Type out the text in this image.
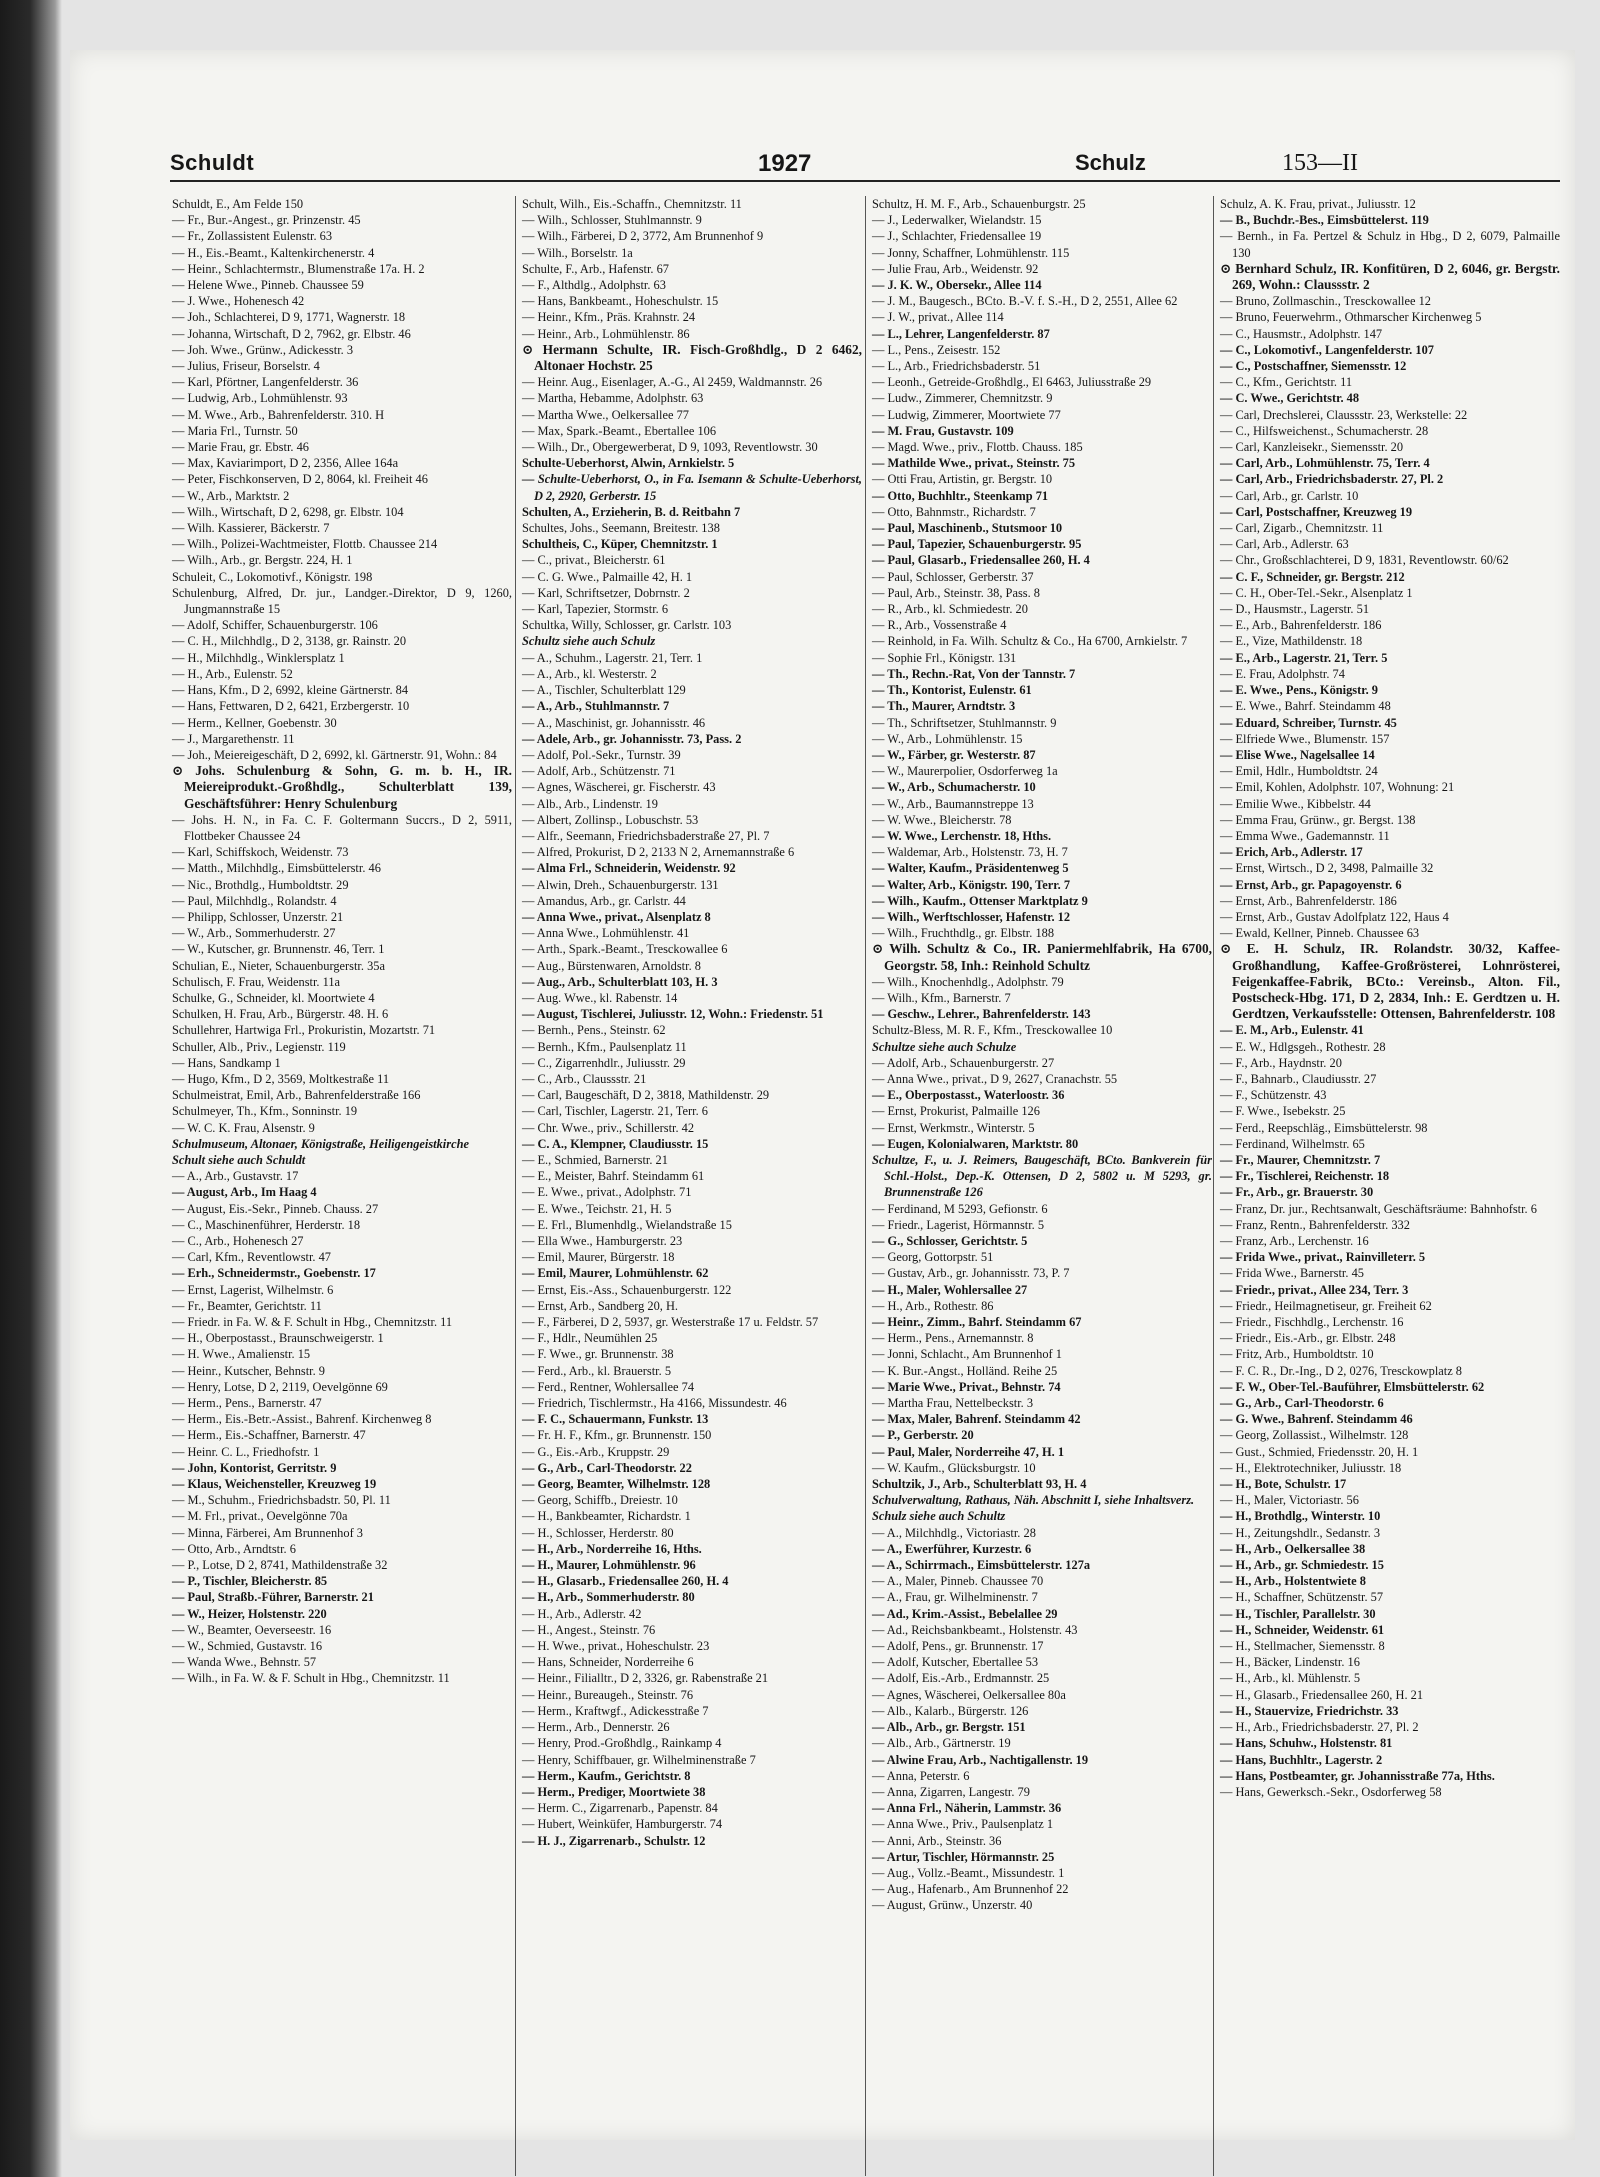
Schuldt	1927	Schulz	153—II

Schuldt, E., Am Felde 150

— Fr., Bur.-Angest., gr. Prinzenstr. 45

— Fr., Zollassistent Eulenstr. 63

— H., Eis.-Beamt., Kaltenkirchenerstr. 4

— Heinr., Schlachtermstr., Blumenstraße 17a. H. 2

— Helene Wwe., Pinneb. Chaussee 59

— J. Wwe., Hohenesch 42

— Joh., Schlachterei, D 9, 1771, Wagnerstr. 18

— Johanna, Wirtschaft, D 2, 7962, gr. Elbstr. 46

— Joh. Wwe., Grünw., Adickesstr. 3

— Julius, Friseur, Borselstr. 4

— Karl, Pförtner, Langenfelderstr. 36

— Ludwig, Arb., Lohmühlenstr. 93

— M. Wwe., Arb., Bahrenfelderstr. 310. H

— Maria Frl., Turnstr. 50

— Marie Frau, gr. Ebstr. 46

— Max, Kaviarimport, D 2, 2356, Allee 164a

— Peter, Fischkonserven, D 2, 8064, kl. Freiheit 46

— W., Arb., Marktstr. 2

— Wilh., Wirtschaft, D 2, 6298, gr. Elbstr. 104

— Wilh. Kassierer, Bäckerstr. 7

— Wilh., Polizei-Wachtmeister, Flottb. Chaussee 214

— Wilh., Arb., gr. Bergstr. 224, H. 1

Schuleit, C., Lokomotivf., Königstr. 198

Schulenburg, Alfred, Dr. jur., Landger.-Direktor, D 9, 1260, Jungmannstraße 15

— Adolf, Schiffer, Schauenburgerstr. 106

— C. H., Milchhdlg., D 2, 3138, gr. Rainstr. 20

— H., Milchhdlg., Winklersplatz 1

— H., Arb., Eulenstr. 52

— Hans, Kfm., D 2, 6992, kleine Gärtnerstr. 84

— Hans, Fettwaren, D 2, 6421, Erzbergerstr. 10

— Herm., Kellner, Goebenstr. 30

— J., Margarethenstr. 11

— Joh., Meiereigeschäft, D 2, 6992, kl. Gärtnerstr. 91, Wohn.: 84

⊙ Johs. Schulenburg & Sohn, G. m. b. H., IR. Meiereiprodukt.-Großhdlg., Schulterblatt 139, Geschäftsführer: Henry Schulenburg

— Johs. H. N., in Fa. C. F. Goltermann Succrs., D 2, 5911, Flottbeker Chaussee 24

— Karl, Schiffskoch, Weidenstr. 73

— Matth., Milchhdlg., Eimsbüttelerstr. 46

— Nic., Brothdlg., Humboldtstr. 29

— Paul, Milchhdlg., Rolandstr. 4

— Philipp, Schlosser, Unzerstr. 21

— W., Arb., Sommerhuderstr. 27

— W., Kutscher, gr. Brunnenstr. 46, Terr. 1

Schulian, E., Nieter, Schauenburgerstr. 35a

Schulisch, F. Frau, Weidenstr. 11a

Schulke, G., Schneider, kl. Moortwiete 4

Schulken, H. Frau, Arb., Bürgerstr. 48. H. 6

Schullehrer, Hartwiga Frl., Prokuristin, Mozartstr. 71

Schuller, Alb., Priv., Legienstr. 119

— Hans, Sandkamp 1

— Hugo, Kfm., D 2, 3569, Moltkestraße 11

Schulmeistrat, Emil, Arb., Bahrenfelderstraße 166

Schulmeyer, Th., Kfm., Sonninstr. 19

— W. C. K. Frau, Alsenstr. 9

Schulmuseum, Altonaer, Königstraße, Heiligengeistkirche

Schult siehe auch Schuldt

— A., Arb., Gustavstr. 17

— August, Arb., Im Haag 4

— August, Eis.-Sekr., Pinneb. Chauss. 27

— C., Maschinenführer, Herderstr. 18

— C., Arb., Hohenesch 27

— Carl, Kfm., Reventlowstr. 47

— Erh., Schneidermstr., Goebenstr. 17

— Ernst, Lagerist, Wilhelmstr. 6

— Fr., Beamter, Gerichtstr. 11

— Friedr. in Fa. W. & F. Schult in Hbg., Chemnitzstr. 11

— H., Oberpostasst., Braunschweigerstr. 1

— H. Wwe., Amalienstr. 15

— Heinr., Kutscher, Behnstr. 9

— Henry, Lotse, D 2, 2119, Oevelgönne 69

— Herm., Pens., Barnerstr. 47

— Herm., Eis.-Betr.-Assist., Bahrenf. Kirchenweg 8

— Herm., Eis.-Schaffner, Barnerstr. 47

— Heinr. C. L., Friedhofstr. 1

— John, Kontorist, Gerritstr. 9

— Klaus, Weichensteller, Kreuzweg 19

— M., Schuhm., Friedrichsbadstr. 50, Pl. 11

— M. Frl., privat., Oevelgönne 70a

— Minna, Färberei, Am Brunnenhof 3

— Otto, Arb., Arndtstr. 6

— P., Lotse, D 2, 8741, Mathildenstraße 32

— P., Tischler, Bleicherstr. 85

— Paul, Straßb.-Führer, Barnerstr. 21

— W., Heizer, Holstenstr. 220

— W., Beamter, Oeverseestr. 16

— W., Schmied, Gustavstr. 16

— Wanda Wwe., Behnstr. 57

— Wilh., in Fa. W. & F. Schult in Hbg., Chemnitzstr. 11

Schult, Wilh., Eis.-Schaffn., Chemnitzstr. 11

— Wilh., Schlosser, Stuhlmannstr. 9

— Wilh., Färberei, D 2, 3772, Am Brunnenhof 9

— Wilh., Borselstr. 1a

Schulte, F., Arb., Hafenstr. 67

— F., Althdlg., Adolphstr. 63

— Hans, Bankbeamt., Hoheschulstr. 15

— Heinr., Kfm., Präs. Krahnstr. 24

— Heinr., Arb., Lohmühlenstr. 86

⊙ Hermann Schulte, IR. Fisch-Großhdlg., D 2 6462, Altonaer Hochstr. 25

— Heinr. Aug., Eisenlager, A.-G., Al 2459, Waldmannstr. 26

— Martha, Hebamme, Adolphstr. 63

— Martha Wwe., Oelkersallee 77

— Max, Spark.-Beamt., Ebertallee 106

— Wilh., Dr., Obergewerberat, D 9, 1093, Reventlowstr. 30

Schulte-Ueberhorst, Alwin, Arnkielstr. 5

— Schulte-Ueberhorst, O., in Fa. Isemann & Schulte-Ueberhorst, D 2, 2920, Gerberstr. 15

Schulten, A., Erzieherin, B. d. Reitbahn 7

Schultes, Johs., Seemann, Breitestr. 138

Schultheis, C., Küper, Chemnitzstr. 1

— C., privat., Bleicherstr. 61

— C. G. Wwe., Palmaille 42, H. 1

— Karl, Schriftsetzer, Dobrnstr. 2

— Karl, Tapezier, Stormstr. 6

Schultka, Willy, Schlosser, gr. Carlstr. 103

Schultz siehe auch Schulz

— A., Schuhm., Lagerstr. 21, Terr. 1

— A., Arb., kl. Westerstr. 2

— A., Tischler, Schulterblatt 129

— A., Arb., Stuhlmannstr. 7

— A., Maschinist, gr. Johannisstr. 46

— Adele, Arb., gr. Johannisstr. 73, Pass. 2

— Adolf, Pol.-Sekr., Turnstr. 39

— Adolf, Arb., Schützenstr. 71

— Agnes, Wäscherei, gr. Fischerstr. 43

— Alb., Arb., Lindenstr. 19

— Albert, Zollinsp., Lobuschstr. 53

— Alfr., Seemann, Friedrichsbaderstraße 27, Pl. 7

— Alfred, Prokurist, D 2, 2133 N 2, Arnemannstraße 6

— Alma Frl., Schneiderin, Weidenstr. 92

— Alwin, Dreh., Schauenburgerstr. 131

— Amandus, Arb., gr. Carlstr. 44

— Anna Wwe., privat., Alsenplatz 8

— Anna Wwe., Lohmühlenstr. 41

— Arth., Spark.-Beamt., Tresckowallee 6

— Aug., Bürstenwaren, Arnoldstr. 8

— Aug., Arb., Schulterblatt 103, H. 3

— Aug. Wwe., kl. Rabenstr. 14

— August, Tischlerei, Juliusstr. 12, Wohn.: Friedenstr. 51

— Bernh., Pens., Steinstr. 62

— Bernh., Kfm., Paulsenplatz 11

— C., Zigarrenhdlr., Juliusstr. 29

— C., Arb., Claussstr. 21

— Carl, Baugeschäft, D 2, 3818, Mathildenstr. 29

— Carl, Tischler, Lagerstr. 21, Terr. 6

— Chr. Wwe., priv., Schillerstr. 42

— C. A., Klempner, Claudiusstr. 15

— E., Schmied, Barnerstr. 21

— E., Meister, Bahrf. Steindamm 61

— E. Wwe., privat., Adolphstr. 71

— E. Wwe., Teichstr. 21, H. 5

— E. Frl., Blumenhdlg., Wielandstraße 15

— Ella Wwe., Hamburgerstr. 23

— Emil, Maurer, Bürgerstr. 18

— Emil, Maurer, Lohmühlenstr. 62

— Ernst, Eis.-Ass., Schauenburgerstr. 122

— Ernst, Arb., Sandberg 20, H.

— F., Färberei, D 2, 5937, gr. Westerstraße 17 u. Feldstr. 57

— F., Hdlr., Neumühlen 25

— F. Wwe., gr. Brunnenstr. 38

— Ferd., Arb., kl. Brauerstr. 5

— Ferd., Rentner, Wohlersallee 74

— Friedrich, Tischlermstr., Ha 4166, Missundestr. 46

— F. C., Schauermann, Funkstr. 13

— Fr. H. F., Kfm., gr. Brunnenstr. 150

— G., Eis.-Arb., Kruppstr. 29

— G., Arb., Carl-Theodorstr. 22

— Georg, Beamter, Wilhelmstr. 128

— Georg, Schiffb., Dreiestr. 10

— H., Bankbeamter, Richardstr. 1

— H., Schlosser, Herderstr. 80

— H., Arb., Norderreihe 16, Hths.

— H., Maurer, Lohmühlenstr. 96

— H., Glasarb., Friedensallee 260, H. 4

— H., Arb., Sommerhuderstr. 80

— H., Arb., Adlerstr. 42

— H., Angest., Steinstr. 76

— H. Wwe., privat., Hoheschulstr. 23

— Hans, Schneider, Norderreihe 6

— Heinr., Filialltr., D 2, 3326, gr. Rabenstraße 21

— Heinr., Bureaugeh., Steinstr. 76

— Herm., Kraftwgf., Adickesstraße 7

— Herm., Arb., Dennerstr. 26

— Henry, Prod.-Großhdlg., Rainkamp 4

— Henry, Schiffbauer, gr. Wilhelminenstraße 7

— Herm., Kaufm., Gerichtstr. 8

— Herm., Prediger, Moortwiete 38

— Herm. C., Zigarrenarb., Papenstr. 84

— Hubert, Weinküfer, Hamburgerstr. 74

— H. J., Zigarrenarb., Schulstr. 12

Schultz, H. M. F., Arb., Schauenburgstr. 25

— J., Lederwalker, Wielandstr. 15

— J., Schlachter, Friedensallee 19

— Jonny, Schaffner, Lohmühlenstr. 115

— Julie Frau, Arb., Weidenstr. 92

— J. K. W., Obersekr., Allee 114

— J. M., Baugesch., BCto. B.-V. f. S.-H., D 2, 2551, Allee 62

— J. W., privat., Allee 114

— L., Lehrer, Langenfelderstr. 87

— L., Pens., Zeisestr. 152

— L., Arb., Friedrichsbaderstr. 51

— Leonh., Getreide-Großhdlg., El 6463, Juliusstraße 29

— Ludw., Zimmerer, Chemnitzstr. 9

— Ludwig, Zimmerer, Moortwiete 77

— M. Frau, Gustavstr. 109

— Magd. Wwe., priv., Flottb. Chauss. 185

— Mathilde Wwe., privat., Steinstr. 75

— Otti Frau, Artistin, gr. Bergstr. 10

— Otto, Buchhltr., Steenkamp 71

— Otto, Bahnmstr., Richardstr. 7

— Paul, Maschinenb., Stutsmoor 10

— Paul, Tapezier, Schauenburgerstr. 95

— Paul, Glasarb., Friedensallee 260, H. 4

— Paul, Schlosser, Gerberstr. 37

— Paul, Arb., Steinstr. 38, Pass. 8

— R., Arb., kl. Schmiedestr. 20

— R., Arb., Vossenstraße 4

— Reinhold, in Fa. Wilh. Schultz & Co., Ha 6700, Arnkielstr. 7

— Sophie Frl., Königstr. 131

— Th., Rechn.-Rat, Von der Tannstr. 7

— Th., Kontorist, Eulenstr. 61

— Th., Maurer, Arndtstr. 3

— Th., Schriftsetzer, Stuhlmannstr. 9

— W., Arb., Lohmühlenstr. 15

— W., Färber, gr. Westerstr. 87

— W., Maurerpolier, Osdorferweg 1a

— W., Arb., Schumacherstr. 10

— W., Arb., Baumannstreppe 13

— W. Wwe., Bleicherstr. 78

— W. Wwe., Lerchenstr. 18, Hths.

— Waldemar, Arb., Holstenstr. 73, H. 7

— Walter, Kaufm., Präsidentenweg 5

— Walter, Arb., Königstr. 190, Terr. 7

— Wilh., Kaufm., Ottenser Marktplatz 9

— Wilh., Werftschlosser, Hafenstr. 12

— Wilh., Fruchthdlg., gr. Elbstr. 188

⊙ Wilh. Schultz & Co., IR. Paniermehlfabrik, Ha 6700, Georgstr. 58, Inh.: Reinhold Schultz

— Wilh., Knochenhdlg., Adolphstr. 79

— Wilh., Kfm., Barnerstr. 7

— Geschw., Lehrer., Bahrenfelderstr. 143

Schultz-Bless, M. R. F., Kfm., Tresckowallee 10

Schultze siehe auch Schulze

— Adolf, Arb., Schauenburgerstr. 27

— Anna Wwe., privat., D 9, 2627, Cranachstr. 55

— E., Oberpostasst., Waterloostr. 36

— Ernst, Prokurist, Palmaille 126

— Ernst, Werkmstr., Winterstr. 5

— Eugen, Kolonialwaren, Marktstr. 80

Schultze, F., u. J. Reimers, Baugeschäft, BCto. Bankverein für Schl.-Holst., Dep.-K. Ottensen, D 2, 5802 u. M 5293, gr. Brunnenstraße 126

— Ferdinand, M 5293, Gefionstr. 6

— Friedr., Lagerist, Hörmannstr. 5

— G., Schlosser, Gerichtstr. 5

— Georg, Gottorpstr. 51

— Gustav, Arb., gr. Johannisstr. 73, P. 7

— H., Maler, Wohlersallee 27

— H., Arb., Rothestr. 86

— Heinr., Zimm., Bahrf. Steindamm 67

— Herm., Pens., Arnemannstr. 8

— Jonni, Schlacht., Am Brunnenhof 1

— K. Bur.-Angst., Holländ. Reihe 25

— Marie Wwe., Privat., Behnstr. 74

— Martha Frau, Nettelbeckstr. 3

— Max, Maler, Bahrenf. Steindamm 42

— P., Gerberstr. 20

— Paul, Maler, Norderreihe 47, H. 1

— W. Kaufm., Glücksburgstr. 10

Schultzik, J., Arb., Schulterblatt 93, H. 4

Schulverwaltung, Rathaus, Näh. Abschnitt I, siehe Inhaltsverz.

Schulz siehe auch Schultz

— A., Milchhdlg., Victoriastr. 28

— A., Ewerführer, Kurzestr. 6

— A., Schirrmach., Eimsbüttelerstr. 127a

— A., Maler, Pinneb. Chaussee 70

— A., Frau, gr. Wilhelminenstr. 7

— Ad., Krim.-Assist., Bebelallee 29

— Ad., Reichsbankbeamt., Holstenstr. 43

— Adolf, Pens., gr. Brunnenstr. 17

— Adolf, Kutscher, Ebertallee 53

— Adolf, Eis.-Arb., Erdmannstr. 25

— Agnes, Wäscherei, Oelkersallee 80a

— Alb., Kalarb., Bürgerstr. 126

— Alb., Arb., gr. Bergstr. 151

— Alb., Arb., Gärtnerstr. 19

— Alwine Frau, Arb., Nachtigallenstr. 19

— Anna, Peterstr. 6

— Anna, Zigarren, Langestr. 79

— Anna Frl., Näherin, Lammstr. 36

— Anna Wwe., Priv., Paulsenplatz 1

— Anni, Arb., Steinstr. 36

— Artur, Tischler, Hörmannstr. 25

— Aug., Vollz.-Beamt., Missundestr. 1

— Aug., Hafenarb., Am Brunnenhof 22

— August, Grünw., Unzerstr. 40

Schulz, A. K. Frau, privat., Juliusstr. 12

— B., Buchdr.-Bes., Eimsbüttelerst. 119

— Bernh., in Fa. Pertzel & Schulz in Hbg., D 2, 6079, Palmaille 130

⊙ Bernhard Schulz, IR. Konfitüren, D 2, 6046, gr. Bergstr. 269, Wohn.: Claussstr. 2

— Bruno, Zollmaschin., Tresckowallee 12

— Bruno, Feuerwehrm., Othmarscher Kirchenweg 5

— C., Hausmstr., Adolphstr. 147

— C., Lokomotivf., Langenfelderstr. 107

— C., Postschaffner, Siemensstr. 12

— C., Kfm., Gerichtstr. 11

— C. Wwe., Gerichtstr. 48

— Carl, Drechslerei, Claussstr. 23, Werkstelle: 22

— C., Hilfsweichenst., Schumacherstr. 28

— Carl, Kanzleisekr., Siemensstr. 20

— Carl, Arb., Lohmühlenstr. 75, Terr. 4

— Carl, Arb., Friedrichsbaderstr. 27, Pl. 2

— Carl, Arb., gr. Carlstr. 10

— Carl, Postschaffner, Kreuzweg 19

— Carl, Zigarb., Chemnitzstr. 11

— Carl, Arb., Adlerstr. 63

— Chr., Großschlachterei, D 9, 1831, Reventlowstr. 60/62

— C. F., Schneider, gr. Bergstr. 212

— C. H., Ober-Tel.-Sekr., Alsenplatz 1

— D., Hausmstr., Lagerstr. 51

— E., Arb., Bahrenfelderstr. 186

— E., Vize, Mathildenstr. 18

— E., Arb., Lagerstr. 21, Terr. 5

— E. Frau, Adolphstr. 74

— E. Wwe., Pens., Königstr. 9

— E. Wwe., Bahrf. Steindamm 48

— Eduard, Schreiber, Turnstr. 45

— Elfriede Wwe., Blumenstr. 157

— Elise Wwe., Nagelsallee 14

— Emil, Hdlr., Humboldtstr. 24

— Emil, Kohlen, Adolphstr. 107, Wohnung: 21

— Emilie Wwe., Kibbelstr. 44

— Emma Frau, Grünw., gr. Bergst. 138

— Emma Wwe., Gademannstr. 11

— Erich, Arb., Adlerstr. 17

— Ernst, Wirtsch., D 2, 3498, Palmaille 32

— Ernst, Arb., gr. Papagoyenstr. 6

— Ernst, Arb., Bahrenfelderstr. 186

— Ernst, Arb., Gustav Adolfplatz 122, Haus 4

— Ewald, Kellner, Pinneb. Chaussee 63

⊙ E. H. Schulz, IR. Rolandstr. 30/32, Kaffee-Großhandlung, Kaffee-Großrösterei, Lohnrösterei, Feigenkaffee-Fabrik, BCto.: Vereinsb., Alton. Fil., Postscheck-Hbg. 171, D 2, 2834, Inh.: E. Gerdtzen u. H. Gerdtzen, Verkaufsstelle: Ottensen, Bahrenfelderstr. 108

— E. M., Arb., Eulenstr. 41

— E. W., Hdlgsgeh., Rothestr. 28

— F., Arb., Haydnstr. 20

— F., Bahnarb., Claudiusstr. 27

— F., Schützenstr. 43

— F. Wwe., Isebekstr. 25

— Ferd., Reepschläg., Eimsbüttelerstr. 98

— Ferdinand, Wilhelmstr. 65

— Fr., Maurer, Chemnitzstr. 7

— Fr., Tischlerei, Reichenstr. 18

— Fr., Arb., gr. Brauerstr. 30

— Franz, Dr. jur., Rechtsanwalt, Geschäftsräume: Bahnhofstr. 6

— Franz, Rentn., Bahrenfelderstr. 332

— Franz, Arb., Lerchenstr. 16

— Frida Wwe., privat., Rainvilleterr. 5

— Frida Wwe., Barnerstr. 45

— Friedr., privat., Allee 234, Terr. 3

— Friedr., Heilmagnetiseur, gr. Freiheit 62

— Friedr., Fischhdlg., Lerchenstr. 16

— Friedr., Eis.-Arb., gr. Elbstr. 248

— Fritz, Arb., Humboldtstr. 10

— F. C. R., Dr.-Ing., D 2, 0276, Tresckowplatz 8

— F. W., Ober-Tel.-Bauführer, Elmsbüttelerstr. 62

— G., Arb., Carl-Theodorstr. 6

— G. Wwe., Bahrenf. Steindamm 46

— Georg, Zollassist., Wilhelmstr. 128

— Gust., Schmied, Friedensstr. 20, H. 1

— H., Elektrotechniker, Juliusstr. 18

— H., Bote, Schulstr. 17

— H., Maler, Victoriastr. 56

— H., Brothdlg., Winterstr. 10

— H., Zeitungshdlr., Sedanstr. 3

— H., Arb., Oelkersallee 38

— H., Arb., gr. Schmiedestr. 15

— H., Arb., Holstentwiete 8

— H., Schaffner, Schützenstr. 57

— H., Tischler, Parallelstr. 30

— H., Schneider, Weidenstr. 61

— H., Stellmacher, Siemensstr. 8

— H., Bäcker, Lindenstr. 16

— H., Arb., kl. Mühlenstr. 5

— H., Glasarb., Friedensallee 260, H. 21

— H., Stauervize, Friedrichstr. 33

— H., Arb., Friedrichsbaderstr. 27, Pl. 2

— Hans, Schuhw., Holstenstr. 81

— Hans, Buchhltr., Lagerstr. 2

— Hans, Postbeamter, gr. Johannisstraße 77a, Hths.

— Hans, Gewerksch.-Sekr., Osdorferweg 58
